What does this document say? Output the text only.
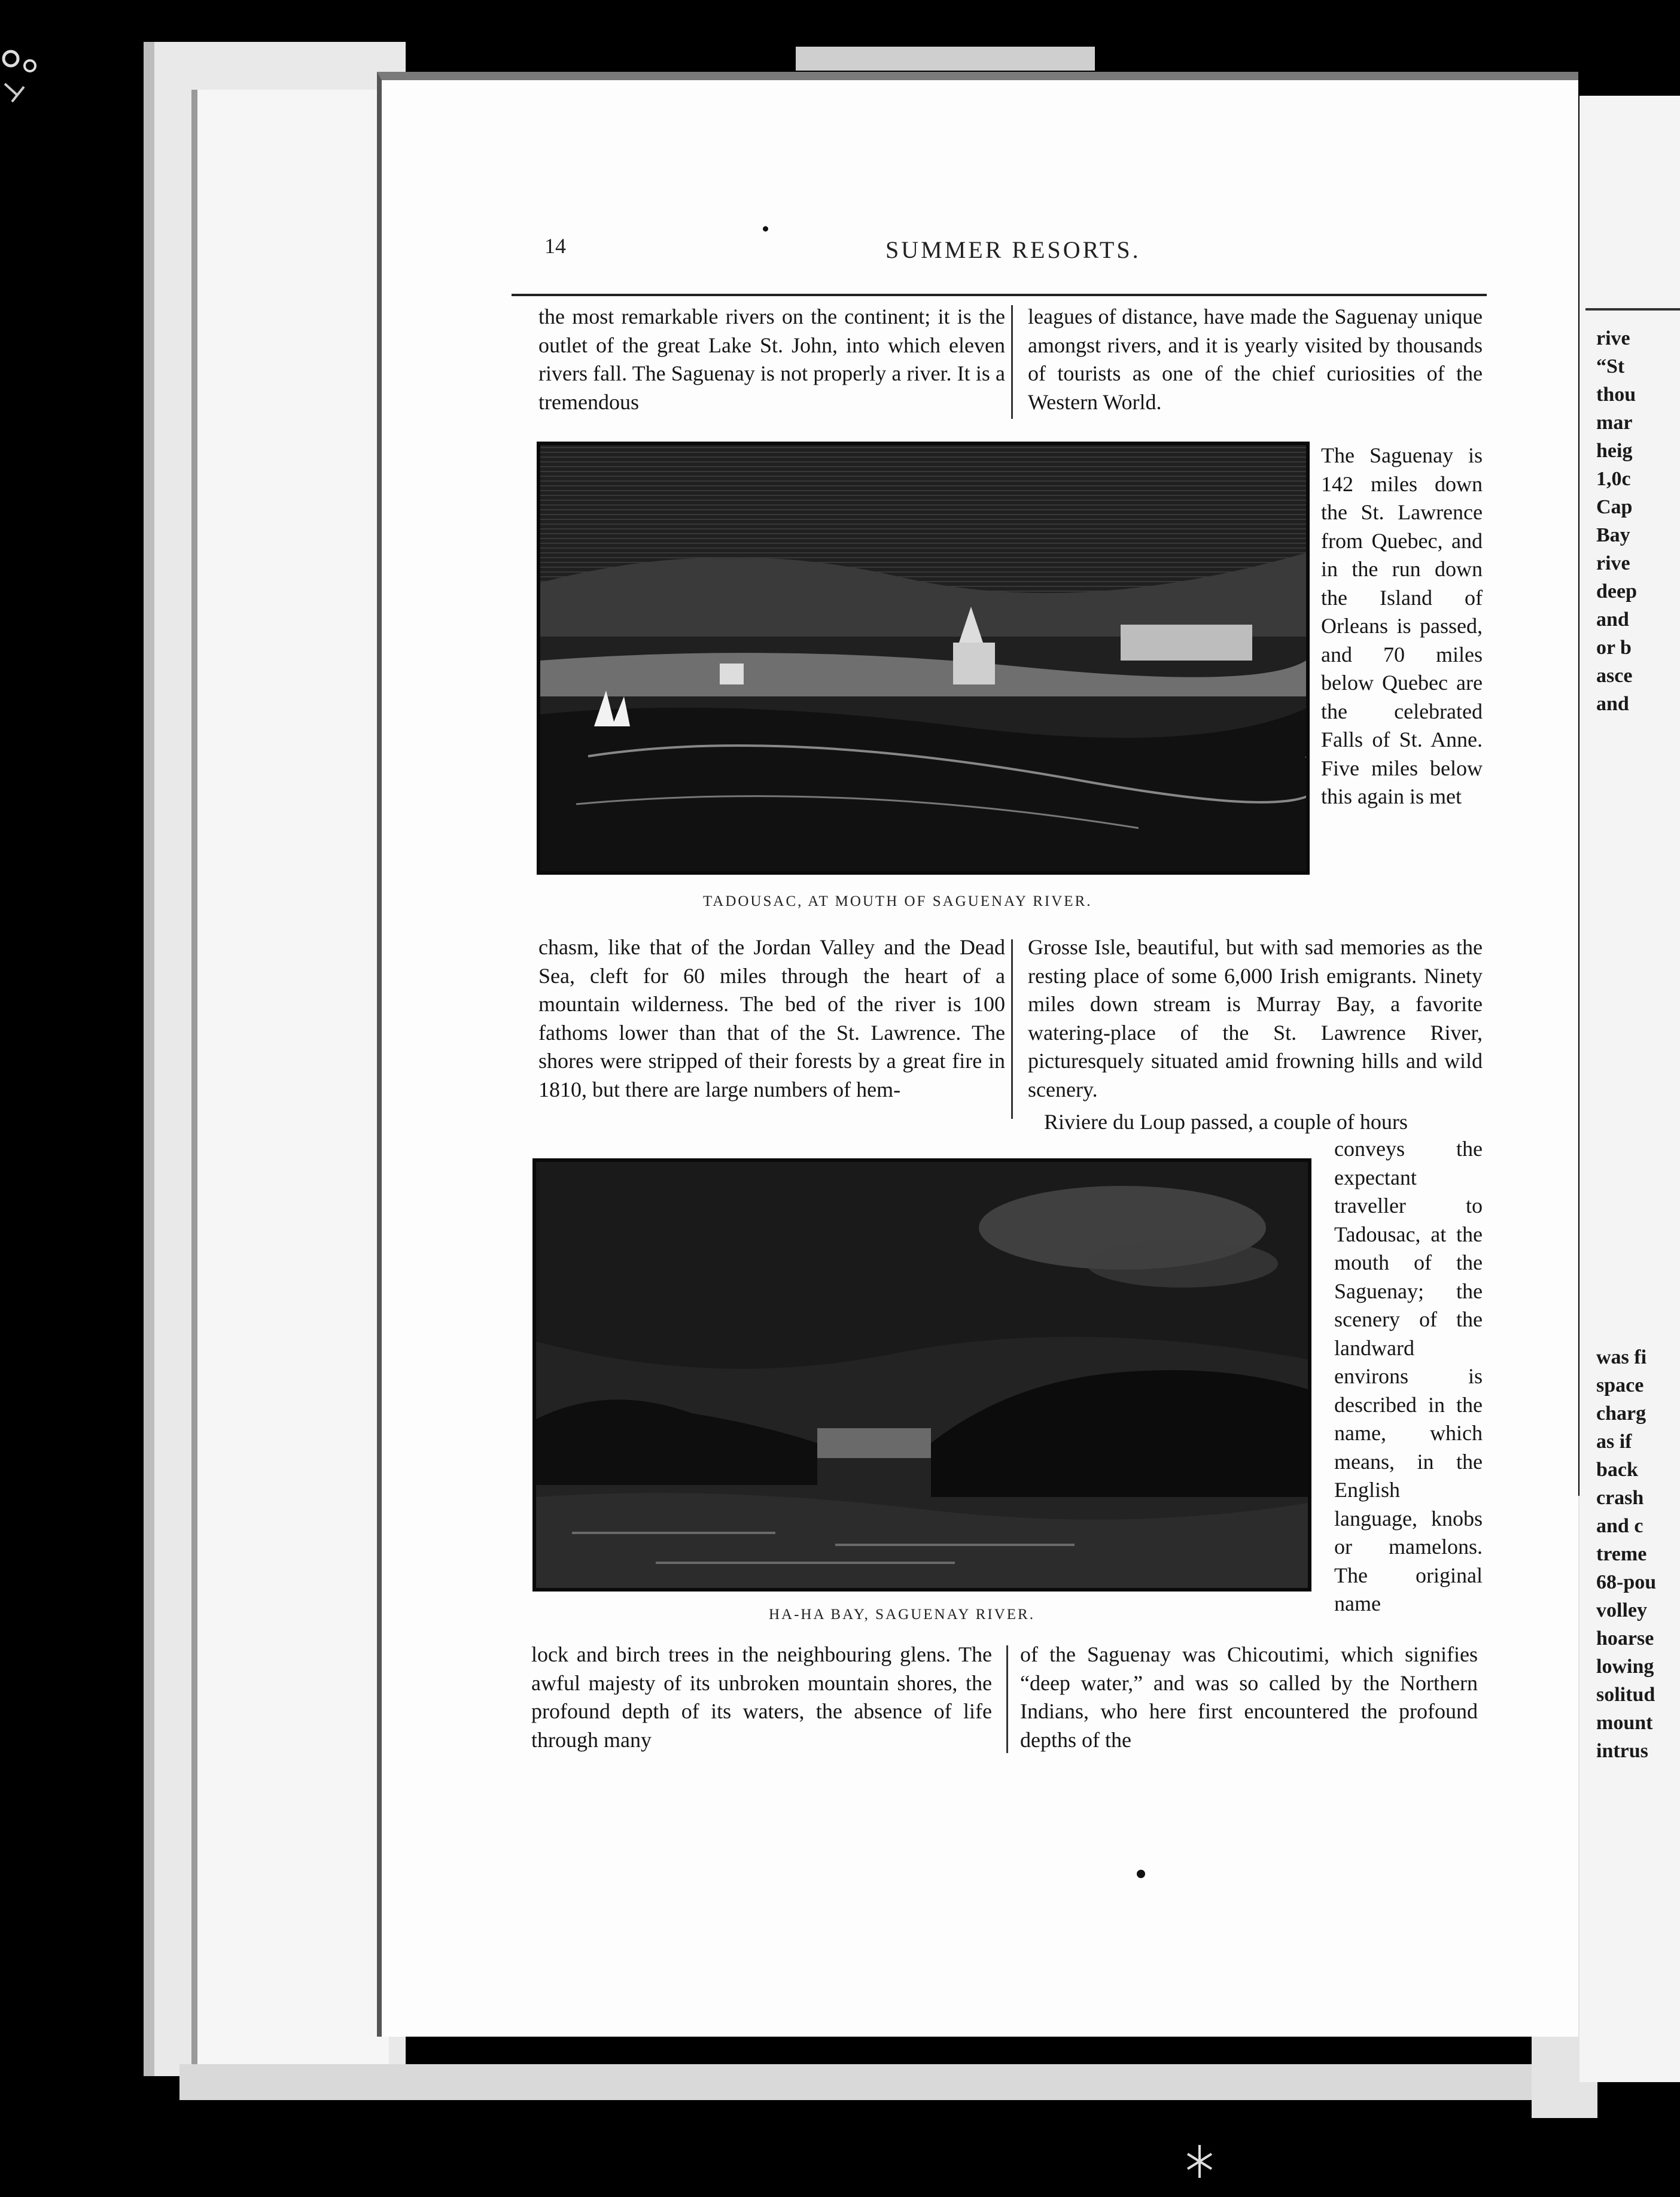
14	SUMMER RESORTS.
the most remarkable rivers on the continent; it is the outlet of the great Lake St. John, into which eleven rivers fall. The Saguenay is not properly a river. It is a tremendous
leagues of distance, have made the Saguenay unique amongst rivers, and it is yearly visited by thousands of tourists as one of the chief curiosities of the Western World.
TADOUSAC, AT MOUTH OF SAGUENAY RIVER.
The Saguenay is 142 miles down the St. Lawrence from Quebec, and in the run down the Island of Orleans is passed, and 70 miles below Quebec are the celebrated Falls of St. Anne. Five miles below this again is met
chasm, like that of the Jordan Valley and the Dead Sea, cleft for 60 miles through the heart of a mountain wilderness. The bed of the river is 100 fathoms lower than that of the St. Lawrence. The shores were stripped of their forests by a great fire in 1810, but there are large numbers of hem-
Grosse Isle, beautiful, but with sad memories as the resting place of some 6,000 Irish emigrants. Ninety miles down stream is Murray Bay, a favorite watering-place of the St. Lawrence River, picturesquely situated amid frowning hills and wild scenery.
Riviere du Loup passed, a couple of hours
HA-HA BAY, SAGUENAY RIVER.
conveys the expectant traveller to Tadousac, at the mouth of the Saguenay; the scenery of the landward environs is described in the name, which means, in the English language, knobs or mamelons. The original name
lock and birch trees in the neighbouring glens. The awful majesty of its unbroken mountain shores, the profound depth of its waters, the absence of life through many
of the Saguenay was Chicoutimi, which signifies “deep water,” and was so called by the Northern Indians, who here first encountered the profound depths of the
rive
“St
thou
mar
heig
1,0c
Cap
Bay
rive
deep
and
or b
asce
and
was fi
space
charg
as if
back
crash
and c
treme
68-pou
volley
hoarse
lowing
solitud
mount
intrus
